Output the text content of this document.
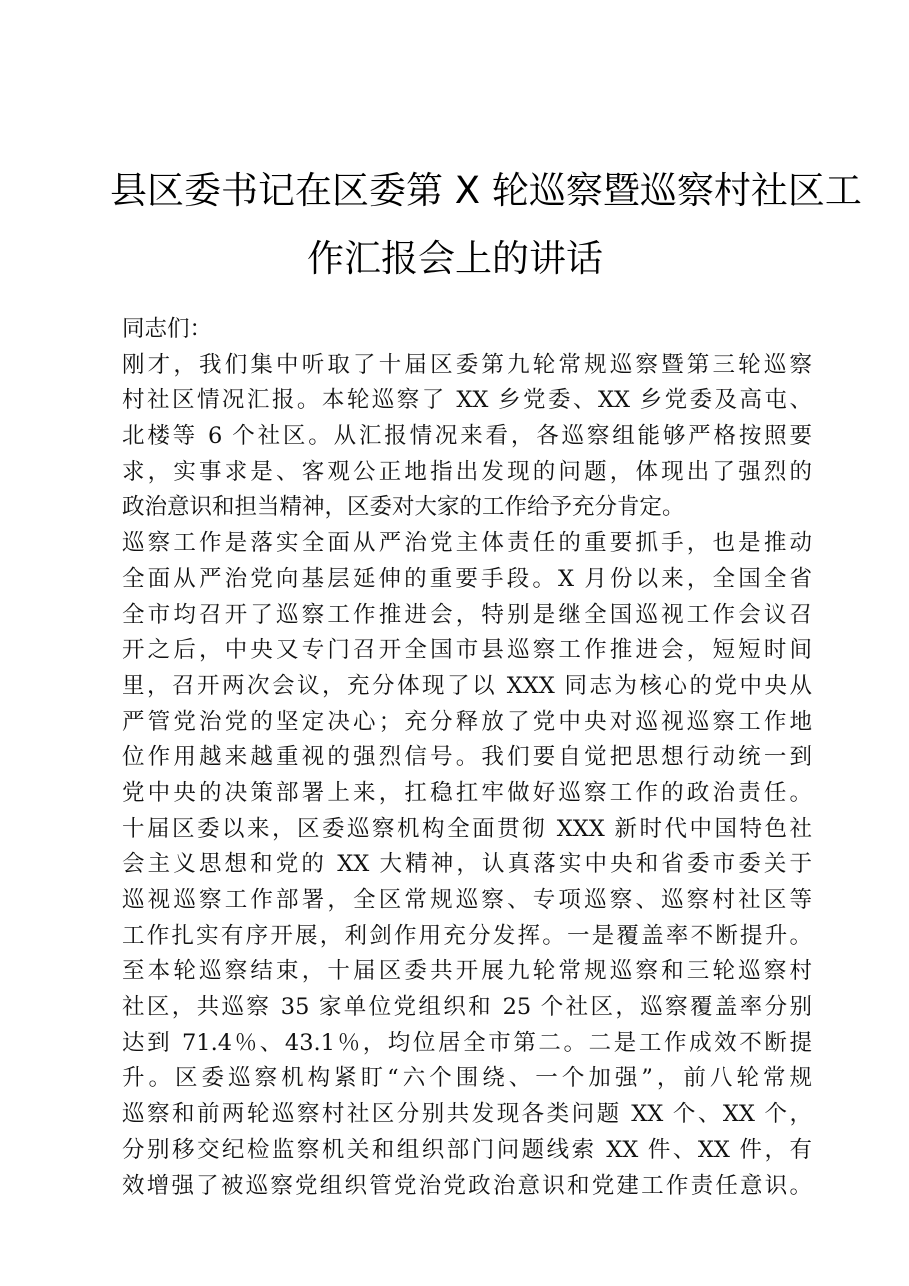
县区委书记在区委第 X 轮巡察暨巡察村社区工
作汇报会上的讲话
同志们：
刚才，我们集中听取了十届区委第九轮常规巡察暨第三轮巡察
村社区情况汇报。本轮巡察了 XX 乡党委、XX 乡党委及高屯、
北楼等 6 个社区。从汇报情况来看，各巡察组能够严格按照要
求，实事求是、客观公正地指出发现的问题，体现出了强烈的
政治意识和担当精神，区委对大家的工作给予充分肯定。
巡察工作是落实全面从严治党主体责任的重要抓手，也是推动
全面从严治党向基层延伸的重要手段。X 月份以来，全国全省
全市均召开了巡察工作推进会，特别是继全国巡视工作会议召
开之后，中央又专门召开全国市县巡察工作推进会，短短时间
里，召开两次会议，充分体现了以 XXX 同志为核心的党中央从
严管党治党的坚定决心；充分释放了党中央对巡视巡察工作地
位作用越来越重视的强烈信号。我们要自觉把思想行动统一到
党中央的决策部署上来，扛稳扛牢做好巡察工作的政治责任。
十届区委以来，区委巡察机构全面贯彻 XXX 新时代中国特色社
会主义思想和党的 XX 大精神，认真落实中央和省委市委关于
巡视巡察工作部署，全区常规巡察、专项巡察、巡察村社区等
工作扎实有序开展，利剑作用充分发挥。一是覆盖率不断提升。
至本轮巡察结束，十届区委共开展九轮常规巡察和三轮巡察村
社区，共巡察 35 家单位党组织和 25 个社区，巡察覆盖率分别
达到 71.4％、43.1％，均位居全市第二。二是工作成效不断提
升。区委巡察机构紧盯“六个围绕、一个加强”，前八轮常规
巡察和前两轮巡察村社区分别共发现各类问题 XX 个、XX 个，
分别移交纪检监察机关和组织部门问题线索 XX 件、XX 件，有
效增强了被巡察党组织管党治党政治意识和党建工作责任意识。
